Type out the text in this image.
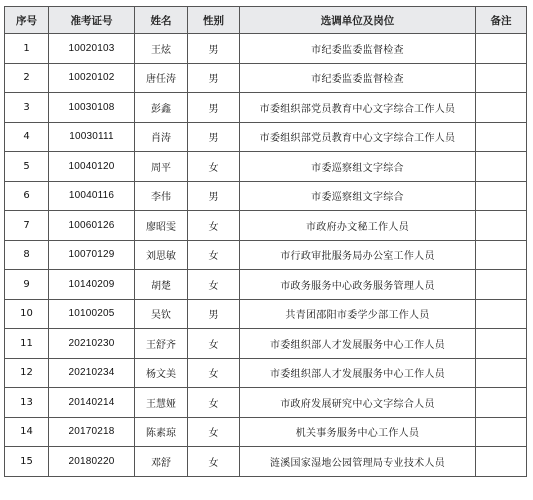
序号	准考证号	姓名	性别	选调单位及岗位	备注
1	10020103	王炫	男	市纪委监委监督检查	
2	10020102	唐任涛	男	市纪委监委监督检查	
3	10030108	彭鑫	男	市委组织部党员教育中心文字综合工作人员	
4	10030111	肖涛	男	市委组织部党员教育中心文字综合工作人员	
5	10040120	周平	女	市委巡察组文字综合	
6	10040116	李伟	男	市委巡察组文字综合	
7	10060126	廖昭雯	女	市政府办文秘工作人员	
8	10070129	刘思敏	女	市行政审批服务局办公室工作人员	
9	10140209	胡楚	女	市政务服务中心政务服务管理人员	
10	10100205	吴钦	男	共青团邵阳市委学少部工作人员	
11	20210230	王舒齐	女	市委组织部人才发展服务中心工作人员	
12	20210234	杨文美	女	市委组织部人才发展服务中心工作人员	
13	20140214	王慧娅	女	市政府发展研究中心文字综合人员	
14	20170218	陈素琼	女	机关事务服务中心工作人员	
15	20180220	邓舒	女	涟溪国家湿地公园管理局专业技术人员	
